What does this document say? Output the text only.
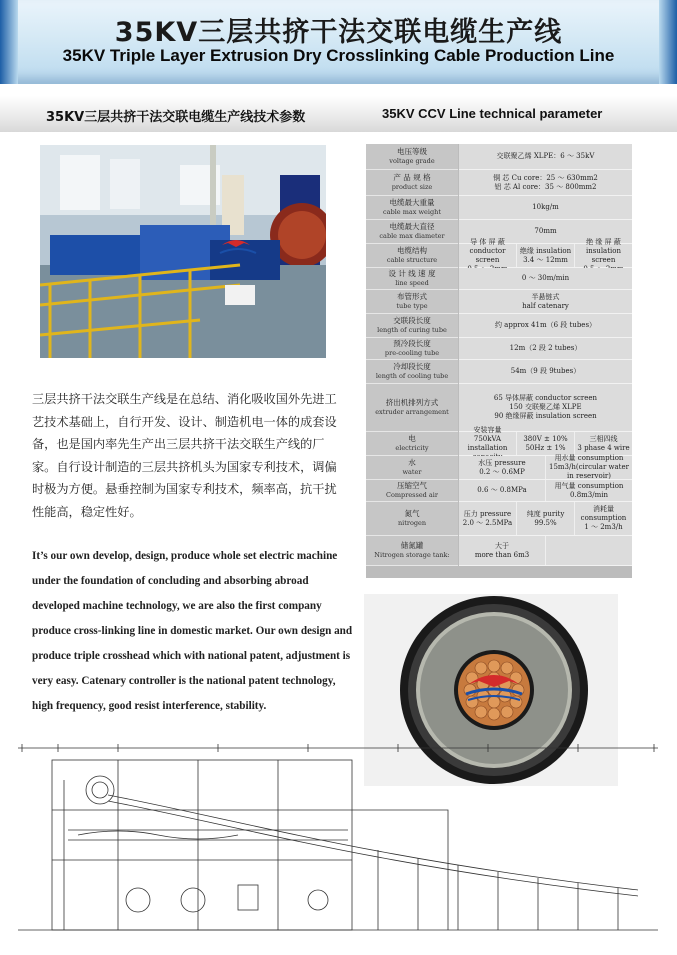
35KV三层共挤干法交联电缆生产线
35KV Triple Layer Extrusion Dry Crosslinking Cable Production Line
35KV三层共挤干法交联电缆生产线技术参数	35KV CCV Line technical parameter
三层共挤干法交联生产线是在总结、消化吸收国外先进工艺技术基础上，自行开发、设计、制造机电一体的成套设备，也是国内率先生产出三层共挤干法交联生产线的厂家。自行设计制造的三层共挤机头为国家专利技术，调偏时极为方便。悬垂控制为国家专利技术，频率高，抗干扰性能高，稳定性好。
It’s our own develop, design, produce whole set electric machine under the foundation of concluding and absorbing abroad developed machine technology, we are also the first company produce cross-linking line in domestic market. Our own design and produce triple crosshead which with national patent, adjustment is very easy. Catenary controller is the national patent technology, high frequency, good resist interference, stability.
电压等级
voltage grade
交联聚乙烯 XLPE：6 ～ 35kV
产 品 规 格
product size
铜 芯 Cu core：25 ～ 630mm2
铝 芯 Al core：35 ～ 800mm2
电缆最大重量
cable max weight
10kg/m
电缆最大直径
cable max diameter
70mm
电缆结构
cable structure
导 体 屏 蔽
conductor screen
绝缘 insulation
3.4 ～ 12mm
绝 缘 屏 蔽
insulation screen
设 计 线 速 度
line speed
0 ～ 30m/min
布管形式
tube type
半悬链式
half catenary
交联段长度
length of curing tube
约 approx 41m（6 段 tubes）
预冷段长度
pre-cooling tube
12m（2 段 2 tubes）
冷却段长度
length of cooling tube
54m（9 段 9tubes）
挤出机排列方式
extruder arrangement
65 导体屏蔽 conductor screen
150 交联聚乙烯 XLPE
90 绝缘屏蔽 insulation screen
电
electricity
安装容量 750kVA
installation
380V ± 10%
50Hz ± 1%
三相四线
3 phase 4 wire
水
water
水压 pressure
0.2 ～ 0.6MP
用水量 consumption
15m3/h(circular water in reservoir)
压缩空气
Compressed air
0.6 ～ 0.8MPa
用气量 consumption
0.8m3/min
氮气
nitrogen
压力 pressure
2.0 ～ 2.5MPa
纯度 purity
99.5%
消耗量 consumption
1 ～ 2m3/h
储氮罐
Nitrogen storage tank:
大于
more than 6m3
